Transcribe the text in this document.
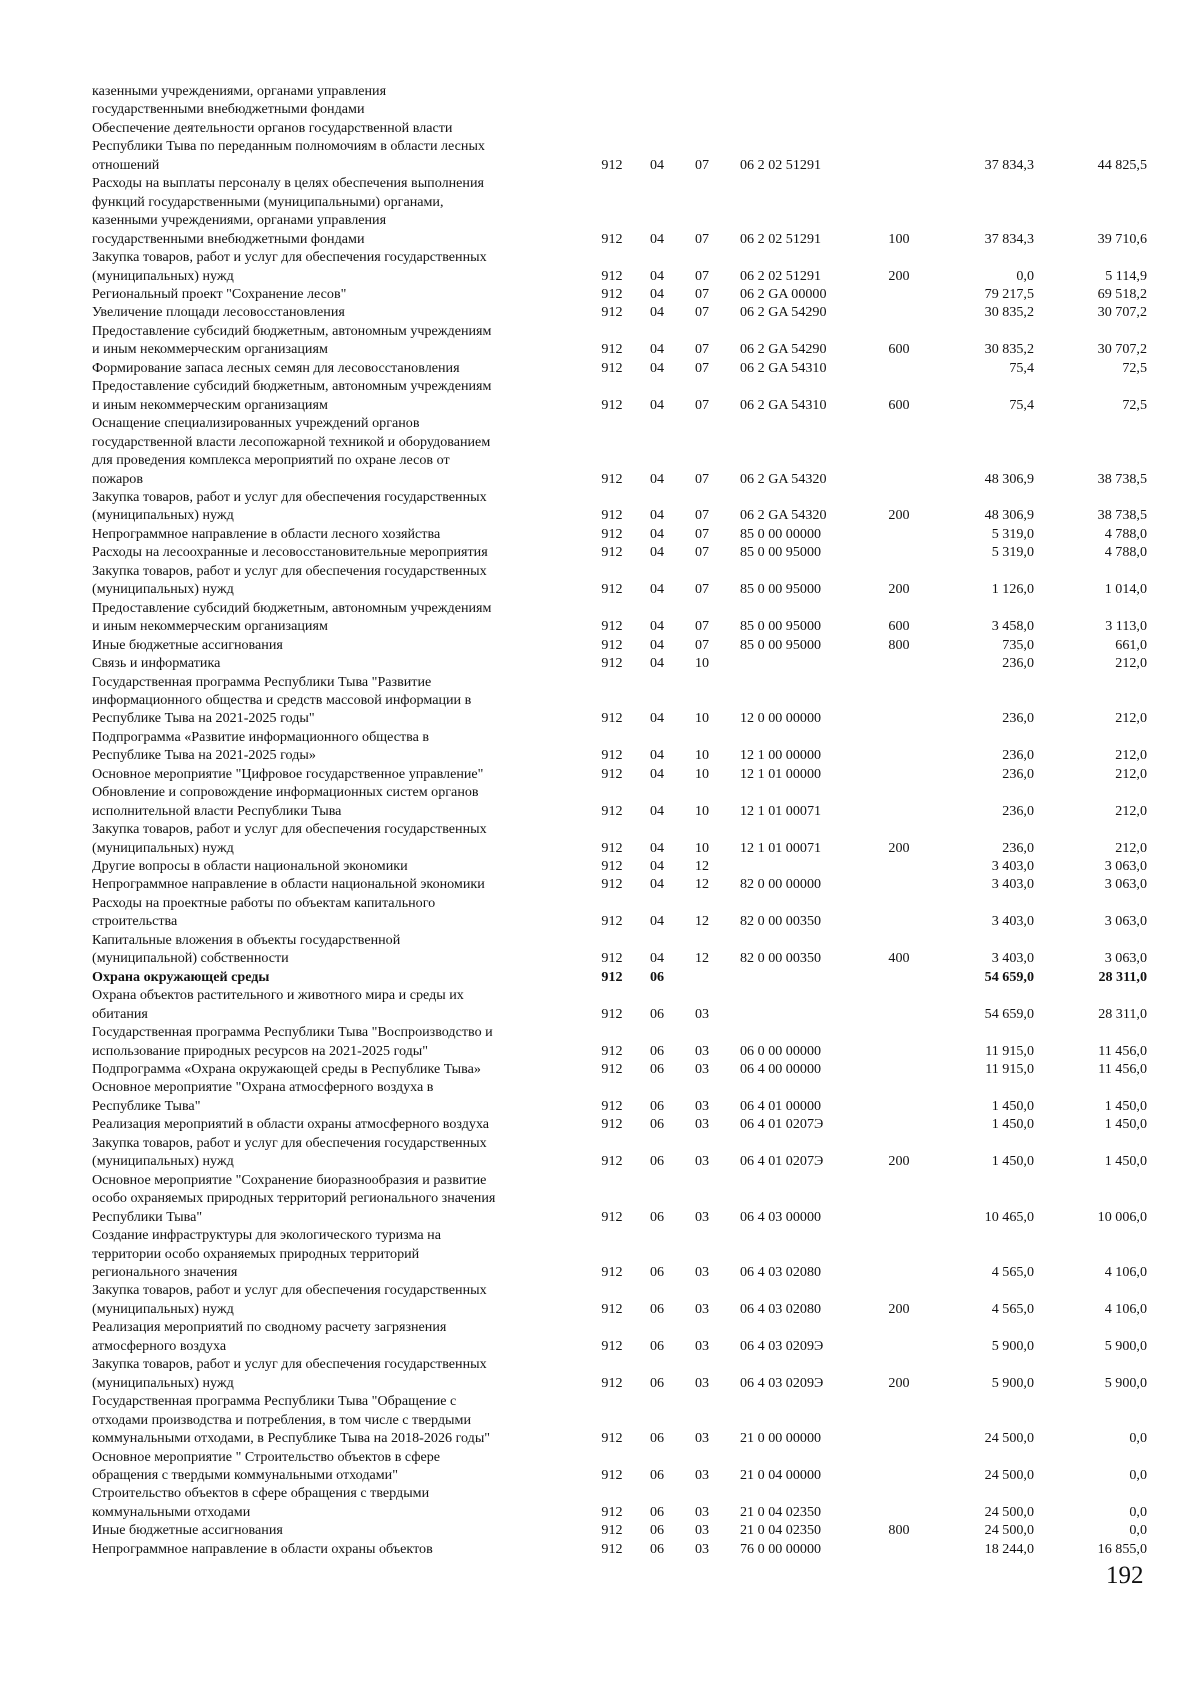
казенными учреждениями, органами управления
государственными внебюджетными фондами
Обеспечение деятельности органов государственной власти
Республики Тыва по переданным полномочиям в области лесных
отношений	912	04	07	06 2 02 51291	37 834,3	44 825,5
Расходы на выплаты персоналу в целях обеспечения выполнения
функций государственными (муниципальными) органами,
казенными учреждениями, органами управления
государственными внебюджетными фондами	912	04	07	06 2 02 51291	100	37 834,3	39 710,6
Закупка товаров, работ и услуг для обеспечения государственных
(муниципальных) нужд	912	04	07	06 2 02 51291	200	0,0	5 114,9
Региональный проект "Сохранение лесов"	912	04	07	06 2 GA 00000	79 217,5	69 518,2
Увеличение площади лесовосстановления	912	04	07	06 2 GA 54290	30 835,2	30 707,2
Предоставление субсидий бюджетным, автономным учреждениям
и иным некоммерческим организациям	912	04	07	06 2 GA 54290	600	30 835,2	30 707,2
Формирование запаса лесных семян для лесовосстановления	912	04	07	06 2 GA 54310	75,4	72,5
Предоставление субсидий бюджетным, автономным учреждениям
и иным некоммерческим организациям	912	04	07	06 2 GA 54310	600	75,4	72,5
Оснащение специализированных учреждений органов
государственной власти лесопожарной техникой и оборудованием
для проведения комплекса мероприятий по охране лесов от
пожаров	912	04	07	06 2 GA 54320	48 306,9	38 738,5
Закупка товаров, работ и услуг для обеспечения государственных
(муниципальных) нужд	912	04	07	06 2 GA 54320	200	48 306,9	38 738,5
Непрограммное направление в области лесного хозяйства	912	04	07	85 0 00 00000	5 319,0	4 788,0
Расходы на лесоохранные и лесовосстановительные мероприятия	912	04	07	85 0 00 95000	5 319,0	4 788,0
Закупка товаров, работ и услуг для обеспечения государственных
(муниципальных) нужд	912	04	07	85 0 00 95000	200	1 126,0	1 014,0
Предоставление субсидий бюджетным, автономным учреждениям
и иным некоммерческим организациям	912	04	07	85 0 00 95000	600	3 458,0	3 113,0
Иные бюджетные ассигнования	912	04	07	85 0 00 95000	800	735,0	661,0
Связь и информатика	912	04	10	236,0	212,0
Государственная программа Республики Тыва "Развитие
информационного общества и средств массовой информации в
Республике Тыва на 2021-2025 годы"	912	04	10	12 0 00 00000	236,0	212,0
Подпрограмма «Развитие информационного общества в
Республике Тыва на 2021-2025 годы»	912	04	10	12 1 00 00000	236,0	212,0
Основное мероприятие "Цифровое государственное управление"	912	04	10	12 1 01 00000	236,0	212,0
Обновление и сопровождение информационных систем органов
исполнительной власти Республики Тыва	912	04	10	12 1 01 00071	236,0	212,0
Закупка товаров, работ и услуг для обеспечения государственных
(муниципальных) нужд	912	04	10	12 1 01 00071	200	236,0	212,0
Другие вопросы в области национальной экономики	912	04	12	3 403,0	3 063,0
Непрограммное направление в области национальной экономики	912	04	12	82 0 00 00000	3 403,0	3 063,0
Расходы на проектные работы по объектам капитального
строительства	912	04	12	82 0 00 00350	3 403,0	3 063,0
Капитальные вложения в объекты государственной
(муниципальной) собственности	912	04	12	82 0 00 00350	400	3 403,0	3 063,0
Охрана окружающей среды	912	06	54 659,0	28 311,0
Охрана объектов растительного и животного мира и среды их
обитания	912	06	03	54 659,0	28 311,0
Государственная программа Республики Тыва "Воспроизводство и
использование природных ресурсов на 2021-2025 годы"	912	06	03	06 0 00 00000	11 915,0	11 456,0
Подпрограмма «Охрана окружающей среды в Республике Тыва»	912	06	03	06 4 00 00000	11 915,0	11 456,0
Основное мероприятие "Охрана атмосферного воздуха в
Республике Тыва"	912	06	03	06 4 01 00000	1 450,0	1 450,0
Реализация мероприятий в области охраны атмосферного воздуха	912	06	03	06 4 01 0207Э	1 450,0	1 450,0
Закупка товаров, работ и услуг для обеспечения государственных
(муниципальных) нужд	912	06	03	06 4 01 0207Э	200	1 450,0	1 450,0
Основное мероприятие "Сохранение биоразнообразия и развитие
особо охраняемых природных территорий регионального значения
Республики Тыва"	912	06	03	06 4 03 00000	10 465,0	10 006,0
Создание инфраструктуры для экологического туризма на
территории особо охраняемых природных территорий
регионального значения	912	06	03	06 4 03 02080	4 565,0	4 106,0
Закупка товаров, работ и услуг для обеспечения государственных
(муниципальных) нужд	912	06	03	06 4 03 02080	200	4 565,0	4 106,0
Реализация мероприятий по сводному расчету загрязнения
атмосферного воздуха	912	06	03	06 4 03 0209Э	5 900,0	5 900,0
Закупка товаров, работ и услуг для обеспечения государственных
(муниципальных) нужд	912	06	03	06 4 03 0209Э	200	5 900,0	5 900,0
Государственная программа Республики Тыва "Обращение с
отходами производства и потребления, в том числе с твердыми
коммунальными отходами, в Республике Тыва на 2018-2026 годы"	912	06	03	21 0 00 00000	24 500,0	0,0
Основное мероприятие " Строительство объектов в сфере
обращения с твердыми коммунальными отходами"	912	06	03	21 0 04 00000	24 500,0	0,0
Строительство объектов в сфере обращения с твердыми
коммунальными отходами	912	06	03	21 0 04 02350	24 500,0	0,0
Иные бюджетные ассигнования	912	06	03	21 0 04 02350	800	24 500,0	0,0
Непрограммное направление в области охраны объектов	912	06	03	76 0 00 00000	18 244,0	16 855,0
192
